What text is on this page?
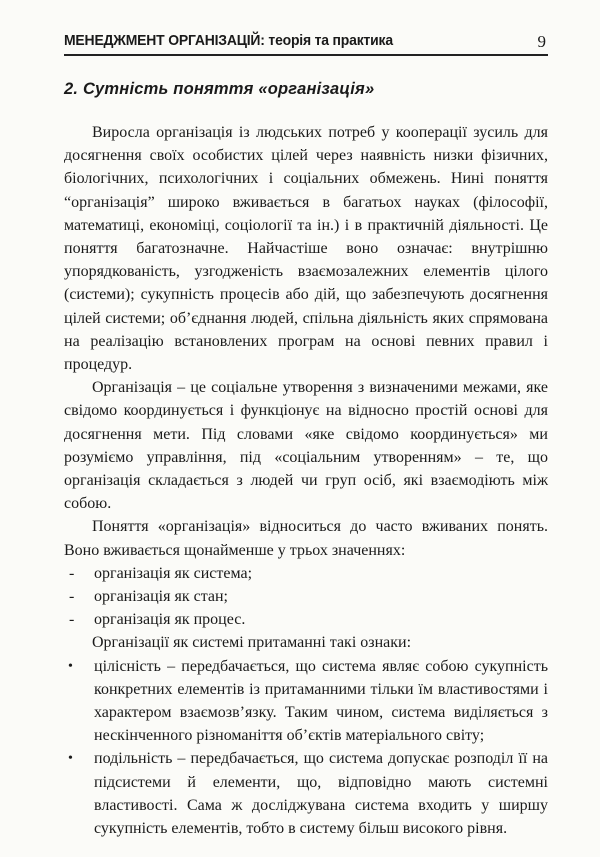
МЕНЕДЖМЕНТ ОРГАНІЗАЦІЙ: теорія та практика	9
2. Сутність поняття «організація»

Виросла організація із людських потреб у кооперації зусиль для досягнення своїх особистих цілей через наявність низки фізичних, біологічних, психологічних і соціальних обмежень. Нині поняття “організація” широко вживається в багатьох науках (філософії, математиці, економіці, соціології та ін.) і в практичній діяльності. Це поняття багатозначне. Найчастіше воно означає: внутрішню упорядкованість, узгодженість взаємозалежних елементів цілого (системи); сукупність процесів або дій, що забезпечують досягнення цілей системи; об’єднання людей, спільна діяльність яких спрямована на реалізацію встановлених програм на основі певних правил і процедур.

Організація – це соціальне утворення з визначеними межами, яке свідомо координується і функціонує на відносно простій основі для досягнення мети. Під словами «яке свідомо координується» ми розуміємо управління, під «соціальним утворенням» – те, що організація складається з людей чи груп осіб, які взаємодіють між собою.

Поняття «організація» відноситься до часто вживаних понять. Воно вживається щонайменше у трьох значеннях:

- організація як система;
- організація як стан;
- організація як процес.

Організації як системі притаманні такі ознаки:

• цілісність – передбачається, що система являє собою сукупність конкретних елементів із притаманними тільки їм властивостями і характером взаємозв’язку. Таким чином, система виділяється з нескінченного різноманіття об’єктів матеріального світу;
• подільність – передбачається, що система допускає розподіл її на підсистеми й елементи, що, відповідно мають системні властивості. Сама ж досліджувана система входить у ширшу сукупність елементів, тобто в систему більш високого рівня.
